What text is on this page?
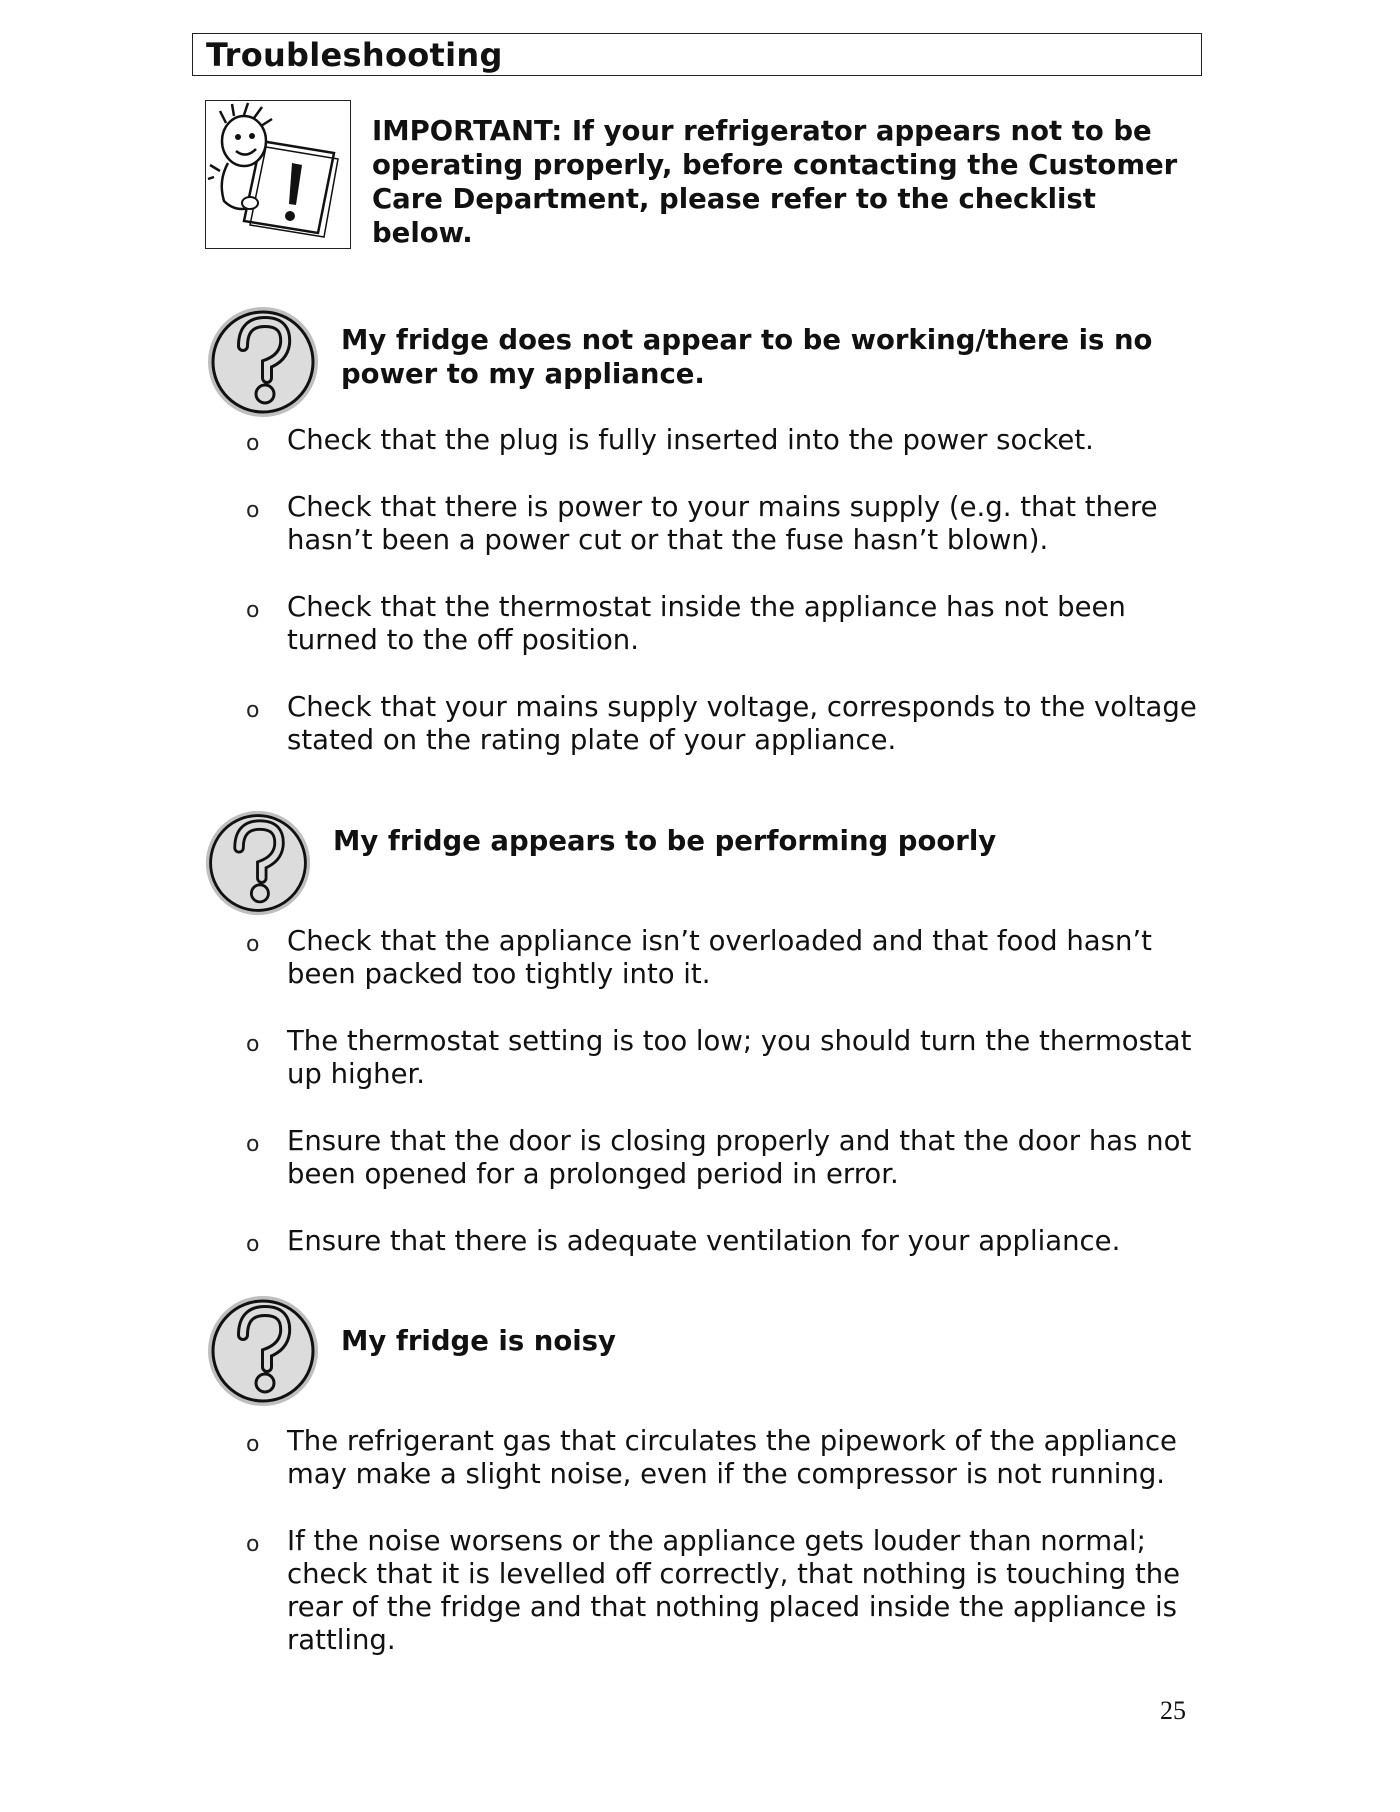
Troubleshooting

IMPORTANT: If your refrigerator appears not to be operating properly, before contacting the Customer Care Department, please refer to the checklist below.

My fridge does not appear to be working/there is no power to my appliance.

o Check that the plug is fully inserted into the power socket.
o Check that there is power to your mains supply (e.g. that there hasn’t been a power cut or that the fuse hasn’t blown).
o Check that the thermostat inside the appliance has not been turned to the off position.
o Check that your mains supply voltage, corresponds to the voltage stated on the rating plate of your appliance.

My fridge appears to be performing poorly

o Check that the appliance isn’t overloaded and that food hasn’t been packed too tightly into it.
o The thermostat setting is too low; you should turn the thermostat up higher.
o Ensure that the door is closing properly and that the door has not been opened for a prolonged period in error.
o Ensure that there is adequate ventilation for your appliance.

My fridge is noisy

o The refrigerant gas that circulates the pipework of the appliance may make a slight noise, even if the compressor is not running.
o If the noise worsens or the appliance gets louder than normal; check that it is levelled off correctly, that nothing is touching the rear of the fridge and that nothing placed inside the appliance is rattling.
25
